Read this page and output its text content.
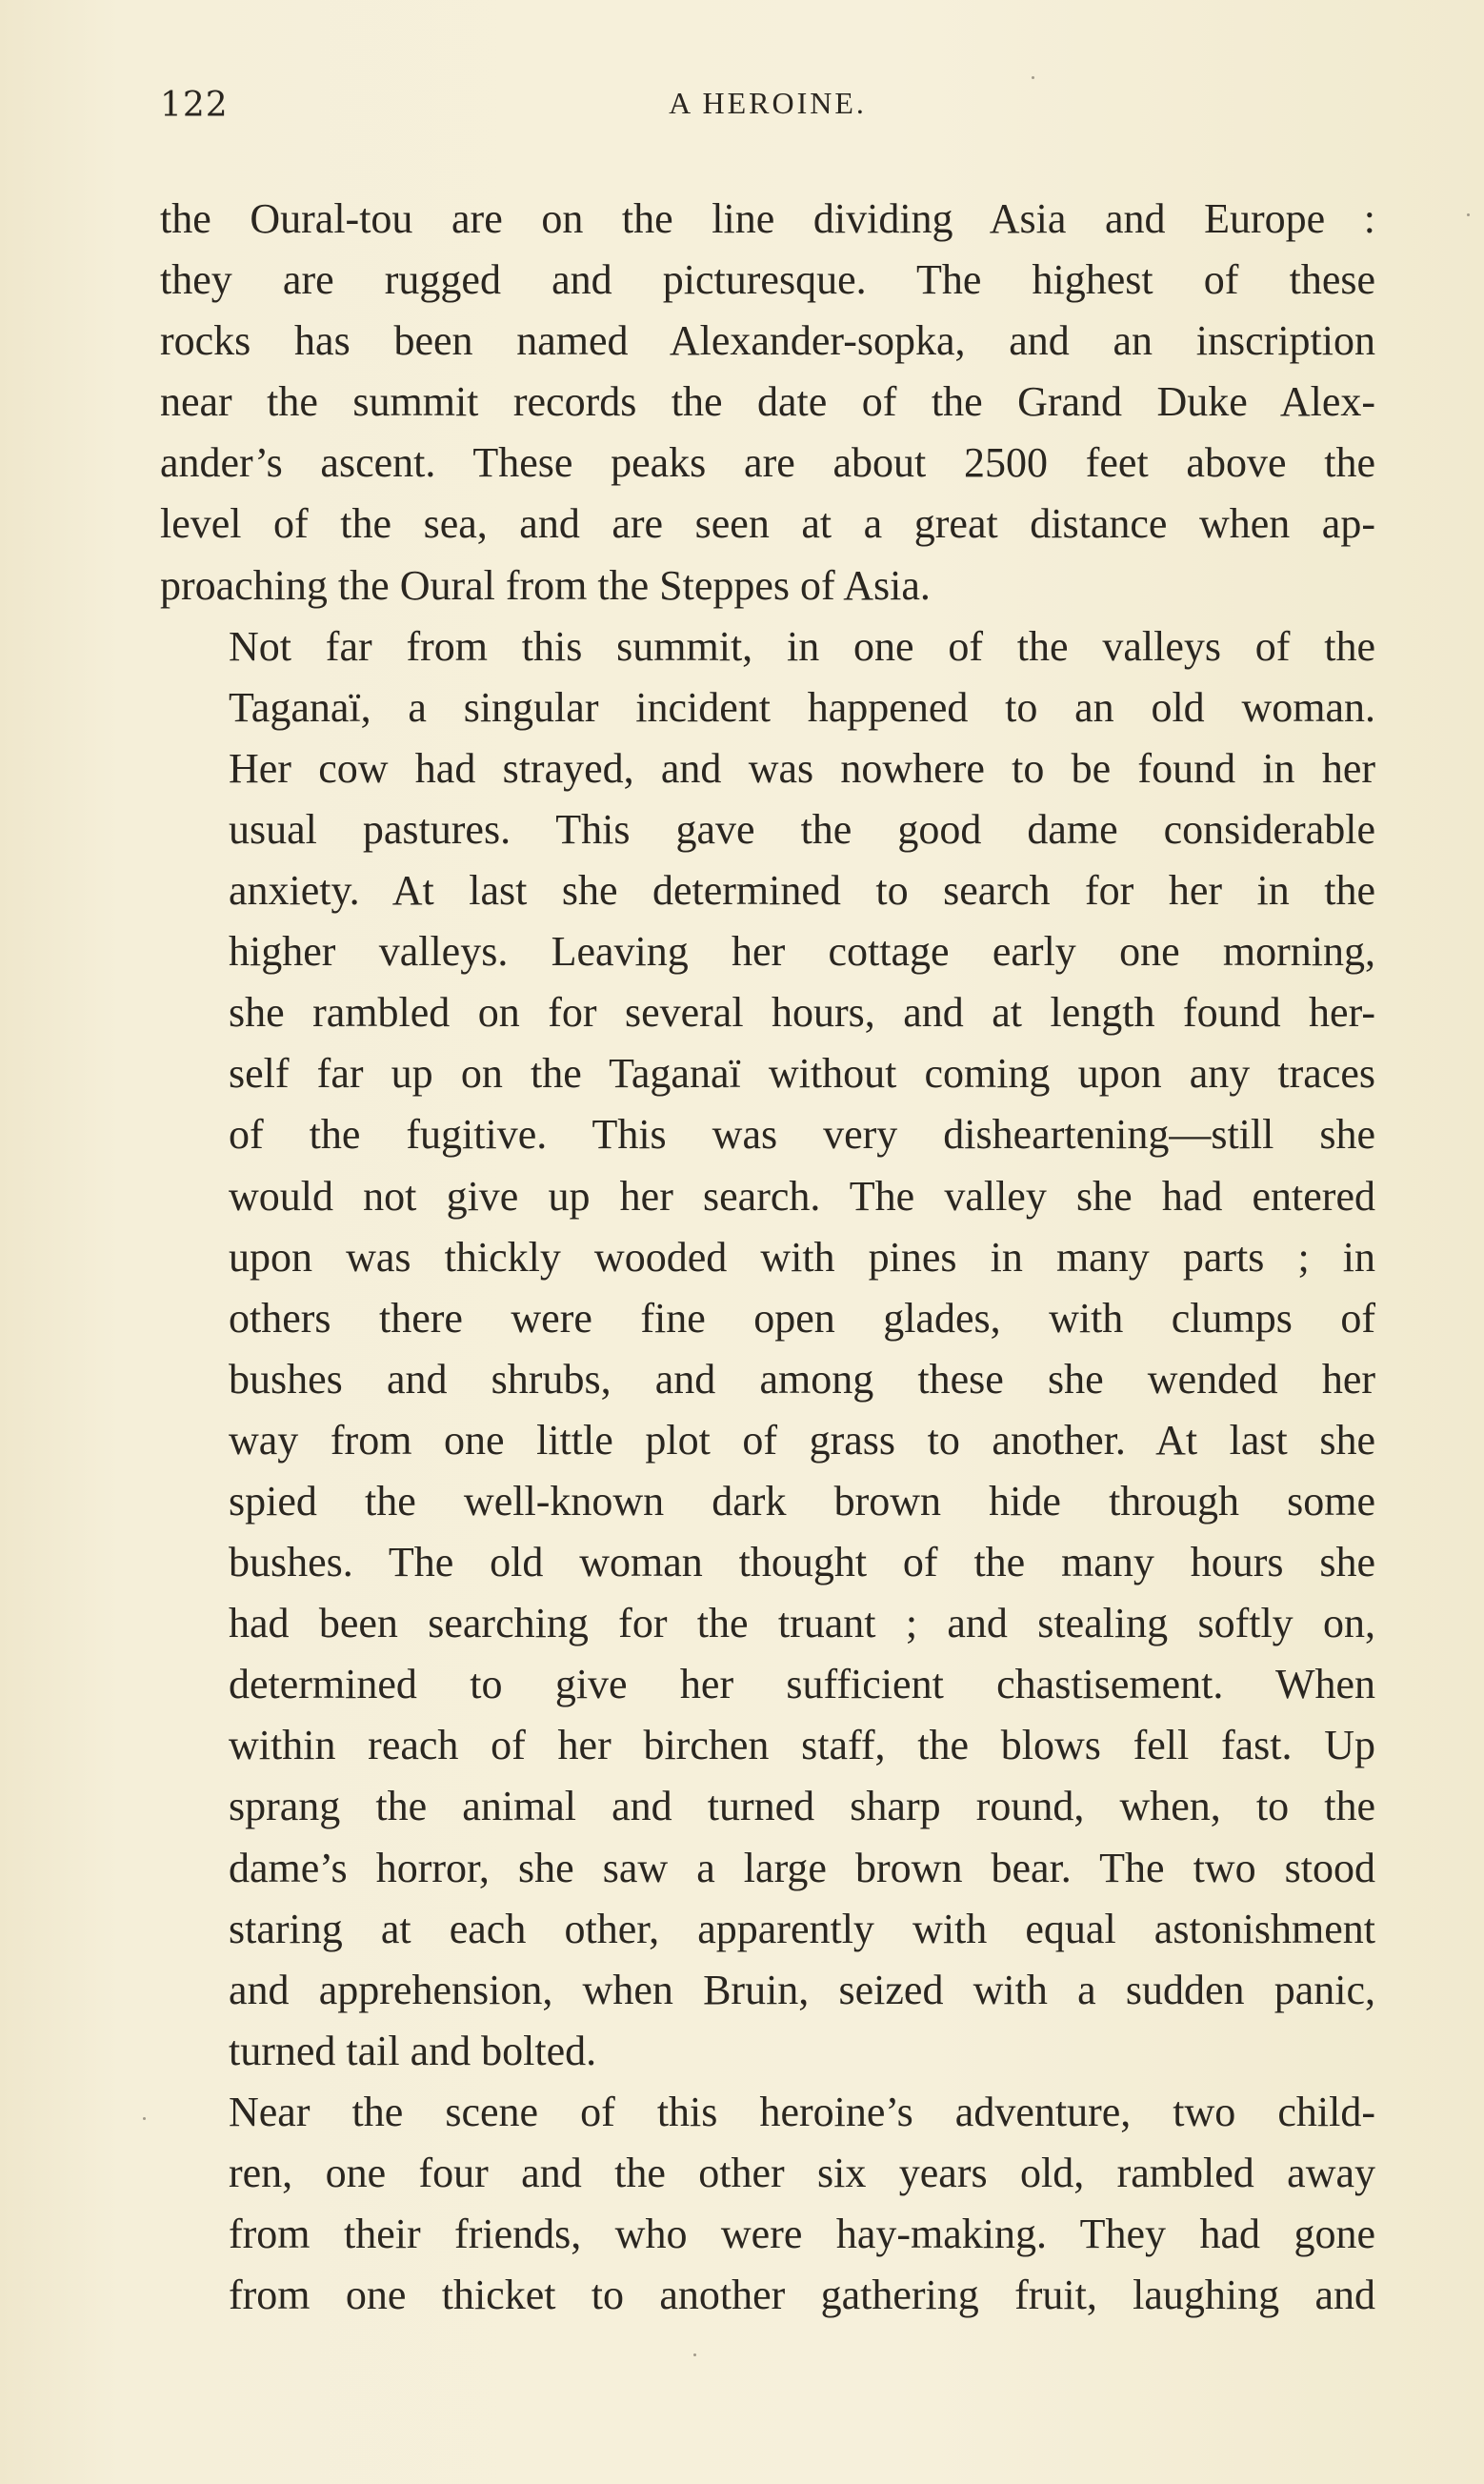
122	A HEROINE.

the Oural-tou are on the line dividing Asia and Europe :
they are rugged and picturesque. The highest of these
rocks has been named Alexander-sopka, and an inscription
near the summit records the date of the Grand Duke Alex-
ander’s ascent. These peaks are about 2500 feet above the
level of the sea, and are seen at a great distance when ap-
proaching the Oural from the Steppes of Asia.

Not far from this summit, in one of the valleys of the
Taganaï, a singular incident happened to an old woman.
Her cow had strayed, and was nowhere to be found in her
usual pastures. This gave the good dame considerable
anxiety. At last she determined to search for her in the
higher valleys. Leaving her cottage early one morning,
she rambled on for several hours, and at length found her-
self far up on the Taganaï without coming upon any traces
of the fugitive. This was very disheartening—still she
would not give up her search. The valley she had entered
upon was thickly wooded with pines in many parts ; in
others there were fine open glades, with clumps of
bushes and shrubs, and among these she wended her
way from one little plot of grass to another. At last she
spied the well-known dark brown hide through some
bushes. The old woman thought of the many hours she
had been searching for the truant ; and stealing softly on,
determined to give her sufficient chastisement. When
within reach of her birchen staff, the blows fell fast. Up
sprang the animal and turned sharp round, when, to the
dame’s horror, she saw a large brown bear. The two stood
staring at each other, apparently with equal astonishment
and apprehension, when Bruin, seized with a sudden panic,
turned tail and bolted.

Near the scene of this heroine’s adventure, two child-
ren, one four and the other six years old, rambled away
from their friends, who were hay-making. They had gone
from one thicket to another gathering fruit, laughing and
